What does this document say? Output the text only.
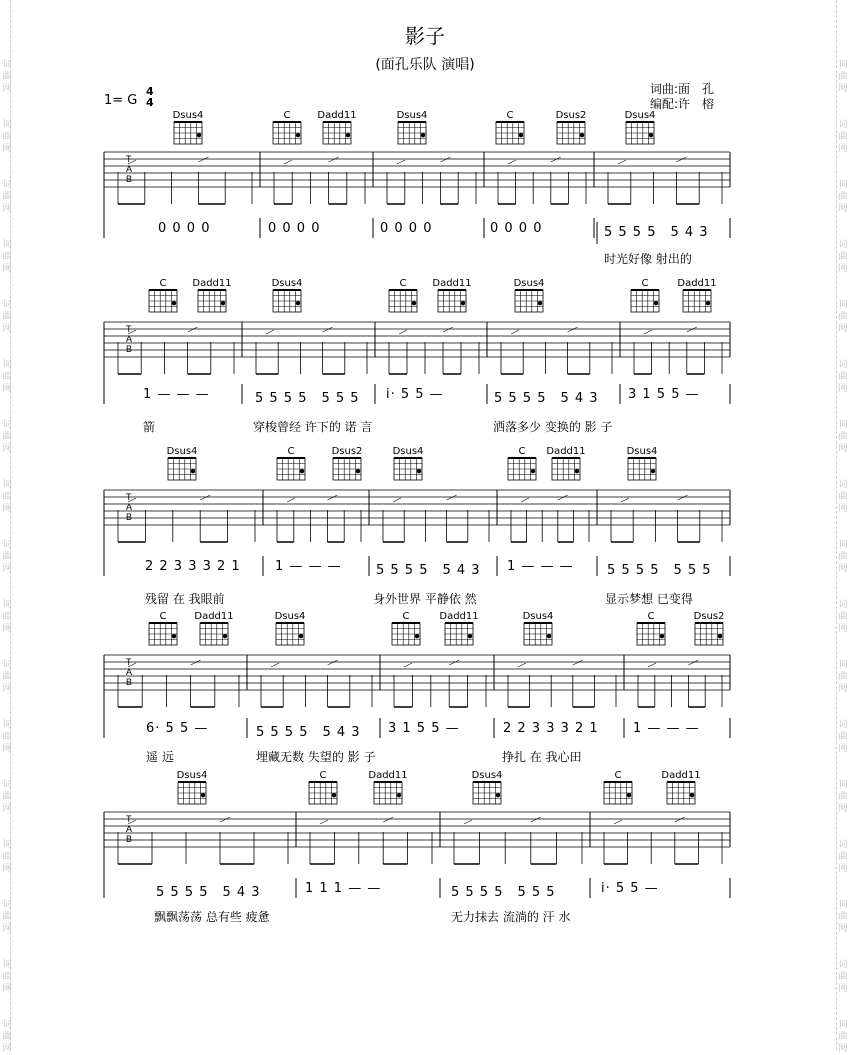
词
曲
网
词
曲
网
词
曲
网
词
曲
网
词
曲
网
词
曲
网
词
曲
网
词
曲
网
词
曲
网
词
曲
网
词
曲
网
词
曲
网
词
曲
网
词
曲
网
词
曲
网
词
曲
网
词
曲
网
词
曲
网
词
曲
网
词
曲
网
词
曲
网
词
曲
网
词
曲
网
词
曲
网
词
曲
网
词
曲
网
词
曲
网
词
曲
网
词
曲
网
词
曲
网
词
曲
网
词
曲
网
词
曲
网
词
曲
网
影子
(面孔乐队 演唱)
词曲:面　孔
编配:许　榕
1= G
4
4
T
A
B
T
A
B
T
A
B
T
A
B
T
A
B
Dsus4	C	Dadd11	Dsus4	C	Dsus2	Dsus4
0 0 0 0	0 0 0 0	0 0 0 0	0 0 0 0	5 5 5 5　5 4 3
时光好像 射出的
C	Dadd11	Dsus4	C	Dadd11	Dsus4	C	Dadd11
1 — — —	5 5 5 5　5 5 5 i· 5 5 —	5 5 5 5　5 4 3 3 1 5 5 —
箭	穿梭曾经 许下的 诺 言	洒落多少 变换的 影 子
Dsus4	C	Dsus2	Dsus4	C	Dadd11	Dsus4
2 2 3 3 3 2 1	1 — — —	5 5 5 5　5 4 3 1 — — —	5 5 5 5　5 5 5
残留 在 我眼前	身外世界 平静依 然	显示梦想 已变得
C	Dadd11	Dsus4	C	Dadd11	Dsus4	C	Dsus2
6· 5 5 —	5 5 5 5　5 4 3 3 1 5 5 —	2 2 3 3 3 2 1	1 — — —
遥 远	埋藏无数 失望的 影 子	挣扎 在 我心田
Dsus4	C	Dadd11	Dsus4	C	Dadd11
5 5 5 5　5 4 3	1 1 1 — —	5 5 5 5　5 5 5	i· 5 5 —
飘飘荡荡 总有些 疲惫	无力抹去 流淌的 汗 水
